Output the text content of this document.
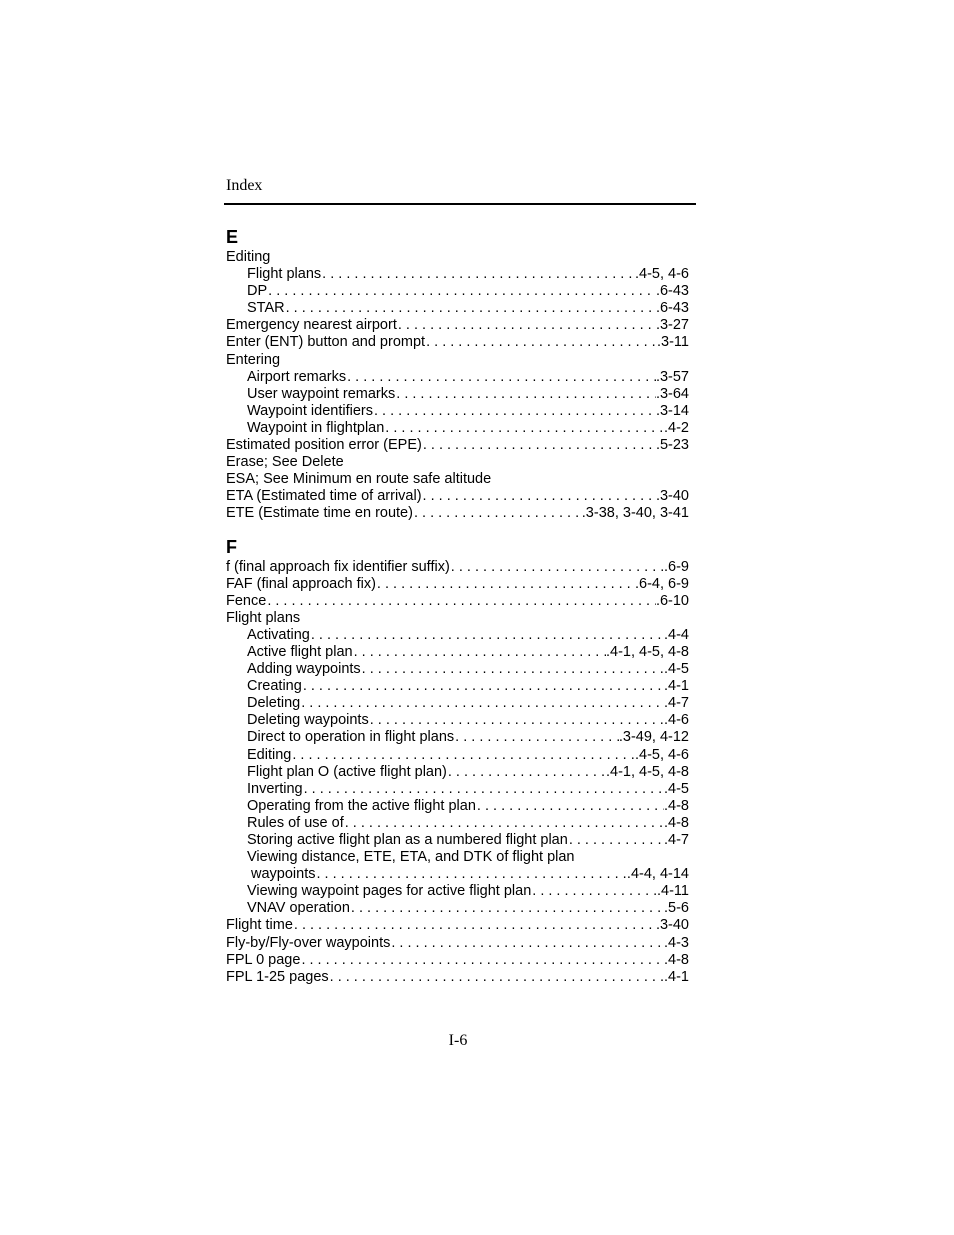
Index
E
Editing
Flight plans . . .	.4-5, 4-6
DP . . .	.6-43
STAR . . .	.6-43
Emergency nearest airport . . .	.3-27
Enter (ENT) button and prompt . . .	.3-11
Entering
Airport remarks . . .	.3-57
User waypoint remarks . . .	.3-64
Waypoint identifiers . . .	.3-14
Waypoint in flightplan . . .	.4-2
Estimated position error (EPE) . . .	.5-23
Erase; See Delete
ESA; See Minimum en route safe altitude
ETA (Estimated time of arrival) . . .	.3-40
ETE (Estimate time en route) . . .	.3-38, 3-40, 3-41
F
f (final approach fix identifier suffix) . . .	.6-9
FAF (final approach fix) . . .	.6-4, 6-9
Fence . . .	.6-10
Flight plans
Activating . . .	.4-4
Active flight plan . . .	.4-1, 4-5, 4-8
Adding waypoints . . .	.4-5
Creating . . .	.4-1
Deleting . . .	.4-7
Deleting waypoints . . .	.4-6
Direct to operation in flight plans . . .	.3-49, 4-12
Editing . . .	.4-5, 4-6
Flight plan O (active flight plan) . . .	.4-1, 4-5, 4-8
Inverting . . .	.4-5
Operating from the active flight plan . . .	.4-8
Rules of use of . . .	.4-8
Storing active flight plan as a numbered flight plan . . .	.4-7
Viewing distance, ETE, ETA, and DTK of flight plan
waypoints . . .	.4-4, 4-14
Viewing waypoint pages for active flight plan . . .	.4-11
VNAV operation . . .	.5-6
Flight time . . .	.3-40
Fly-by/Fly-over waypoints . . .	.4-3
FPL 0 page . . .	.4-8
FPL 1-25 pages . . .	.4-1
I-6
